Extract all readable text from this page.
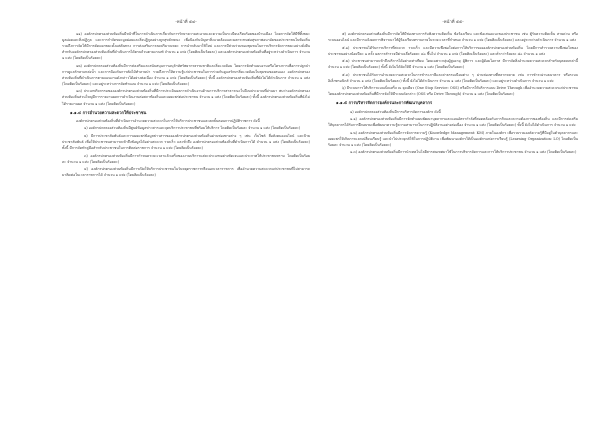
-หน้าที่ ๕๔-

๑๑) องค์กรปกครองส่วนท้องถิ่นมีหน้าที่ในการดำเนินการเกี่ยวกับการรักษาความสะอาดและความเป็นระเบียบเรียบร้อยของบ้านเมือง โดยการจัดให้มีที่ทิ้งขยะมูลฝอยและสิ่งปฏิกูล และการกำจัดขยะมูลฝอยและสิ่งปฏิกูลอย่างถูกสุขลักษณะ เพื่อป้องกันปัญหาสิ่งแวดล้อมและผลกระทบต่อสุขภาพอนามัยของประชาชนในท้องถิ่น รวมถึงการจัดให้มีการคัดแยกขยะตั้งแต่ต้นทาง การส่งเสริมการลดปริมาณขยะ การนำกลับมาใช้ใหม่ และการมีส่วนร่วมของชุมชนในการบริหารจัดการขยะอย่างยั่งยืน สำหรับองค์กรปกครองส่วนท้องถิ่นที่ดำเนินการได้ครบถ้วนตามเกณฑ์ จำนวน ๑ แห่ง (โดยคิดเป็นร้อยละ) และองค์กรปกครองส่วนท้องถิ่นที่อยู่ระหว่างดำเนินการ จำนวน ๑ แห่ง (โดยคิดเป็นร้อยละ)

๑๒) องค์กรปกครองส่วนท้องถิ่นมีการส่งเสริมและสนับสนุนการอนุรักษ์ทรัพยากรธรรมชาติและสิ่งแวดล้อม โดยการจัดทำแผนงานหรือโครงการเพื่อการปลูกป่า การดูแลรักษาแหล่งน้ำ และการป้องกันการตัดไม้ทำลายป่า รวมถึงการให้ความรู้แก่ประชาชนในการร่วมกันดูแลรักษาสิ่งแวดล้อมในชุมชนของตนเอง องค์กรปกครองส่วนท้องถิ่นที่ดำเนินการตามแผนงานดังกล่าวได้อย่างต่อเนื่อง จำนวน ๑ แห่ง (โดยคิดเป็นร้อยละ) ทั้งนี้ องค์กรปกครองส่วนท้องถิ่นที่ยังไม่ได้ดำเนินการ จำนวน ๑ แห่ง (โดยคิดเป็นร้อยละ) และอยู่ระหว่างการจัดทำแผน จำนวน ๑ แห่ง (โดยคิดเป็นร้อยละ)

๑๓) ประเภทกิจกรรมขององค์กรปกครองส่วนท้องถิ่นที่มีการประเมินผลการดำเนินงานด้านการบริการสาธารณะในปีงบประมาณที่ผ่านมา พบว่าองค์กรปกครองส่วนท้องถิ่นส่วนใหญ่มีการรายงานผลการดำเนินงานต่อสภาท้องถิ่นและเผยแพร่ต่อประชาชน จำนวน ๑ แห่ง (โดยคิดเป็นร้อยละ) ทั้งนี้ องค์กรปกครองส่วนท้องถิ่นที่ยังไม่ได้รายงานผล จำนวน ๑ แห่ง (โดยคิดเป็นร้อยละ)

๑.๑.๔ การอำนวยความสะดวกให้ประชาชน

องค์กรปกครองส่วนท้องถิ่นที่ดำเนินการอำนวยความสะดวกในการให้บริการประชาชนและลดขั้นตอนการปฏิบัติราชการ ดังนี้

๑) องค์กรปกครองส่วนท้องถิ่นมีศูนย์ข้อมูลข่าวสารและจุดบริการประชาชนที่พร้อมให้บริการ โดยคิดเป็นร้อยละ จำนวน ๑ แห่ง (โดยคิดเป็นร้อยละ)

๒) มีการประชาสัมพันธ์และการเผยแพร่ข้อมูลข่าวสารขององค์กรปกครองส่วนท้องถิ่นผ่านช่องทางต่าง ๆ เช่น เว็บไซต์ สื่อสังคมออนไลน์ และป้ายประชาสัมพันธ์ เพื่อให้ประชาชนสามารถเข้าถึงข้อมูลได้อย่างสะดวก รวดเร็ว และทั่วถึง องค์กรปกครองส่วนท้องถิ่นที่ดำเนินการได้ จำนวน ๑ แห่ง (โดยคิดเป็นร้อยละ) ทั้งนี้ มีการจัดทำคู่มือสำหรับประชาชนในการติดต่อราชการ จำนวน ๑ แห่ง (โดยคิดเป็นร้อยละ)

๓) องค์กรปกครองส่วนท้องถิ่นมีการกำหนดระยะเวลาแล้วเสร็จของงานบริการแต่ละประเภทอย่างชัดเจนและประกาศให้ประชาชนทราบ โดยคิดเป็นร้อยละ จำนวน ๑ แห่ง (โดยคิดเป็นร้อยละ)

๔) องค์กรปกครองส่วนท้องถิ่นมีการเปิดให้บริการประชาชนในวันหยุดราชการหรือนอกเวลาราชการ เพื่ออำนวยความสะดวกแก่ประชาชนที่ไม่สามารถมาติดต่อในเวลาราชการได้ จำนวน ๑ แห่ง (โดยคิดเป็นร้อยละ)

-หน้าที่ ๕๕-

๕) องค์กรปกครองส่วนท้องถิ่นมีการจัดให้มีช่องทางการรับฟังความคิดเห็น ข้อร้องเรียน และข้อเสนอแนะของประชาชน เช่น ตู้รับความคิดเห็น สายด่วน หรือระบบออนไลน์ และมีการแจ้งผลการพิจารณาให้ผู้ร้องเรียนทราบภายในระยะเวลาที่กำหนด จำนวน ๑ แห่ง (โดยคิดเป็นร้อยละ) และอยู่ระหว่างดำเนินการ จำนวน ๑ แห่ง

๕.๑) ประชาชนได้รับการบริการที่สะดวก รวดเร็ว และมีความพึงพอใจต่อการให้บริการขององค์กรปกครองส่วนท้องถิ่น โดยมีการสำรวจความพึงพอใจของประชาชนอย่างน้อยปีละ ๑ ครั้ง ผลการสำรวจมีค่าเฉลี่ยร้อยละ ๘๐ ขึ้นไป จำนวน ๑ แห่ง (โดยคิดเป็นร้อยละ) และต่ำกว่าร้อยละ ๘๐ จำนวน ๑ แห่ง

๕.๒) ประชาชนสามารถเข้าถึงบริการได้อย่างเท่าเทียม โดยเฉพาะกลุ่มผู้สูงอายุ ผู้พิการ และผู้ด้อยโอกาส มีการจัดสิ่งอำนวยความสะดวกสำหรับบุคคลเหล่านี้ จำนวน ๑ แห่ง (โดยคิดเป็นร้อยละ) ทั้งนี้ ยังไม่ได้จัดให้มี จำนวน ๑ แห่ง (โดยคิดเป็นร้อยละ)

๕.๓) ประชาชนได้รับการอำนวยความสะดวกในการชำระภาษีและค่าธรรมเนียมต่าง ๆ ผ่านช่องทางที่หลากหลาย เช่น การชำระผ่านธนาคาร หรือระบบอิเล็กทรอนิกส์ จำนวน ๑ แห่ง (โดยคิดเป็นร้อยละ) ทั้งนี้ ยังไม่ได้ดำเนินการ จำนวน ๑ แห่ง (โดยคิดเป็นร้อยละ) และอยู่ระหว่างดำเนินการ จำนวน ๑ แห่ง

๖) มีระบบการให้บริการแบบเบ็ดเสร็จ ณ จุดเดียว (One Stop Service: OSS) หรือมีการให้บริการแบบ Drive Through เพื่ออำนวยความสะดวกแก่ประชาชน โดยองค์กรปกครองส่วนท้องถิ่นที่มีการจัดให้มีระบบดังกล่าว (OSS หรือ Drive Through) จำนวน ๑ แห่ง (โดยคิดเป็นร้อยละ)

๑.๑.๕ การบริหารจัดการองค์กรและการพัฒนาบุคลากร

๑) องค์กรปกครองส่วนท้องถิ่นมีการบริหารจัดการองค์กร ดังนี้

๑.๑) องค์กรปกครองส่วนท้องถิ่นมีการจัดทำแผนพัฒนาบุคลากรและแผนอัตรากำลังที่สอดคล้องกับภารกิจและความต้องการของท้องถิ่น และมีการส่งเสริมให้บุคลากรได้รับการฝึกอบรมเพื่อพัฒนาความรู้ความสามารถในการปฏิบัติงานอย่างต่อเนื่อง จำนวน ๑ แห่ง (โดยคิดเป็นร้อยละ) ทั้งนี้ ยังไม่ได้ดำเนินการ จำนวน ๑ แห่ง

๑.๒) องค์กรปกครองส่วนท้องถิ่นมีการจัดการความรู้ (Knowledge Management: KM) ภายในองค์กร เพื่อรวบรวมองค์ความรู้ที่มีอยู่ในตัวบุคลากรและเผยแพร่ให้เกิดการแลกเปลี่ยนเรียนรู้ และนำไปประยุกต์ใช้ในการปฏิบัติงาน เพื่อพัฒนาองค์กรให้เป็นองค์กรแห่งการเรียนรู้ (Learning Organization: LO) โดยคิดเป็นร้อยละ จำนวน ๑ แห่ง (โดยคิดเป็นร้อยละ)

๑.๓) องค์กรปกครองส่วนท้องถิ่นมีการนำเทคโนโลยีสารสนเทศมาใช้ในการบริหารจัดการและการให้บริการประชาชน จำนวน ๑ แห่ง (โดยคิดเป็นร้อยละ)
